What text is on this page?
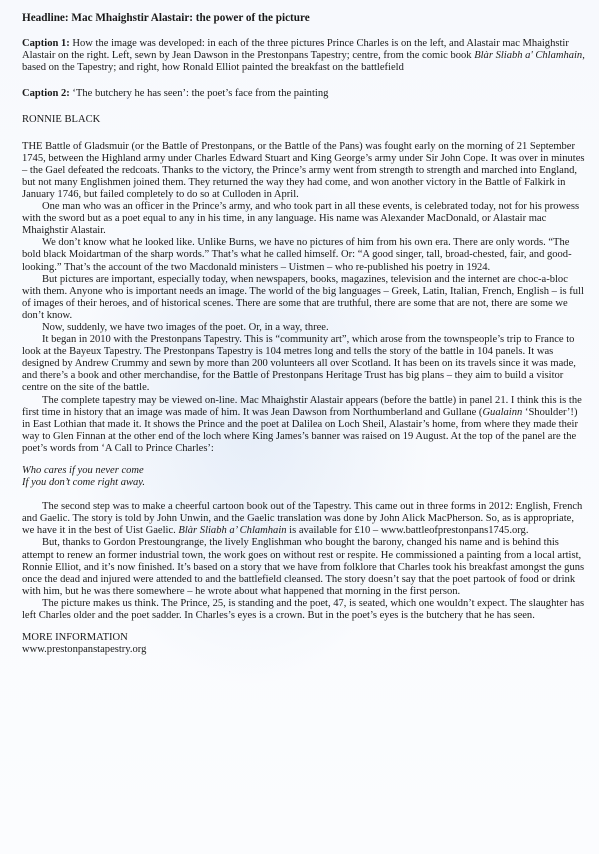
Headline: Mac Mhaighstir Alastair: the power of the picture
Caption 1: How the image was developed: in each of the three pictures Prince Charles is on the left, and Alastair mac Mhaighstir Alastair on the right. Left, sewn by Jean Dawson in the Prestonpans Tapestry; centre, from the comic book Blàr Sliabh a' Chlamhain, based on the Tapestry; and right, how Ronald Elliot painted the breakfast on the battlefield
Caption 2: ‘The butchery he has seen’: the poet’s face from the painting
RONNIE BLACK

THE Battle of Gladsmuir (or the Battle of Prestonpans, or the Battle of the Pans) was fought early on the morning of 21 September 1745, between the Highland army under Charles Edward Stuart and King George’s army under Sir John Cope. It was over in minutes – the Gael defeated the redcoats. Thanks to the victory, the Prince’s army went from strength to strength and marched into England, but not many Englishmen joined them. They returned the way they had come, and won another victory in the Battle of Falkirk in January 1746, but failed completely to do so at Culloden in April.

One man who was an officer in the Prince’s army, and who took part in all these events, is celebrated today, not for his prowess with the sword but as a poet equal to any in his time, in any language. His name was Alexander MacDonald, or Alastair mac Mhaighstir Alastair.

We don’t know what he looked like. Unlike Burns, we have no pictures of him from his own era. There are only words. “The bold black Moidartman of the sharp words.” That’s what he called himself. Or: “A good singer, tall, broad-chested, fair, and good-looking.” That’s the account of the two Macdonald ministers – Uistmen – who re-published his poetry in 1924.

But pictures are important, especially today, when newspapers, books, magazines, television and the internet are choc-a-bloc with them. Anyone who is important needs an image. The world of the big languages – Greek, Latin, Italian, French, English – is full of images of their heroes, and of historical scenes. There are some that are truthful, there are some that are not, there are some we don’t know.

Now, suddenly, we have two images of the poet. Or, in a way, three.

It began in 2010 with the Prestonpans Tapestry. This is “community art”, which arose from the townspeople’s trip to France to look at the Bayeux Tapestry. The Prestonpans Tapestry is 104 metres long and tells the story of the battle in 104 panels. It was designed by Andrew Crummy and sewn by more than 200 volunteers all over Scotland. It has been on its travels since it was made, and there’s a book and other merchandise, for the Battle of Prestonpans Heritage Trust has big plans – they aim to build a visitor centre on the site of the battle.

The complete tapestry may be viewed on-line. Mac Mhaighstir Alastair appears (before the battle) in panel 21. I think this is the first time in history that an image was made of him. It was Jean Dawson from Northumberland and Gullane (Gualainn ‘Shoulder’!) in East Lothian that made it. It shows the Prince and the poet at Dalilea on Loch Sheil, Alastair’s home, from where they made their way to Glen Finnan at the other end of the loch where King James’s banner was raised on 19 August. At the top of the panel are the poet’s words from ‘A Call to Prince Charles’:

Who cares if you never come
If you don’t come right away.

The second step was to make a cheerful cartoon book out of the Tapestry. This came out in three forms in 2012: English, French and Gaelic. The story is told by John Unwin, and the Gaelic translation was done by John Alick MacPherson. So, as is appropriate, we have it in the best of Uist Gaelic. Blàr Sliabh a’ Chlamhain is available for £10 – www.battleofprestonpans1745.org.

But, thanks to Gordon Prestoungrange, the lively Englishman who bought the barony, changed his name and is behind this attempt to renew an former industrial town, the work goes on without rest or respite. He commissioned a painting from a local artist, Ronnie Elliot, and it’s now finished. It’s based on a story that we have from folklore that Charles took his breakfast amongst the guns once the dead and injured were attended to and the battlefield cleansed. The story doesn’t say that the poet partook of food or drink with him, but he was there somewhere – he wrote about what happened that morning in the first person.

The picture makes us think. The Prince, 25, is standing and the poet, 47, is seated, which one wouldn’t expect. The slaughter has left Charles older and the poet sadder. In Charles’s eyes is a crown. But in the poet’s eyes is the butchery that he has seen.

MORE INFORMATION
www.prestonpanstapestry.org
